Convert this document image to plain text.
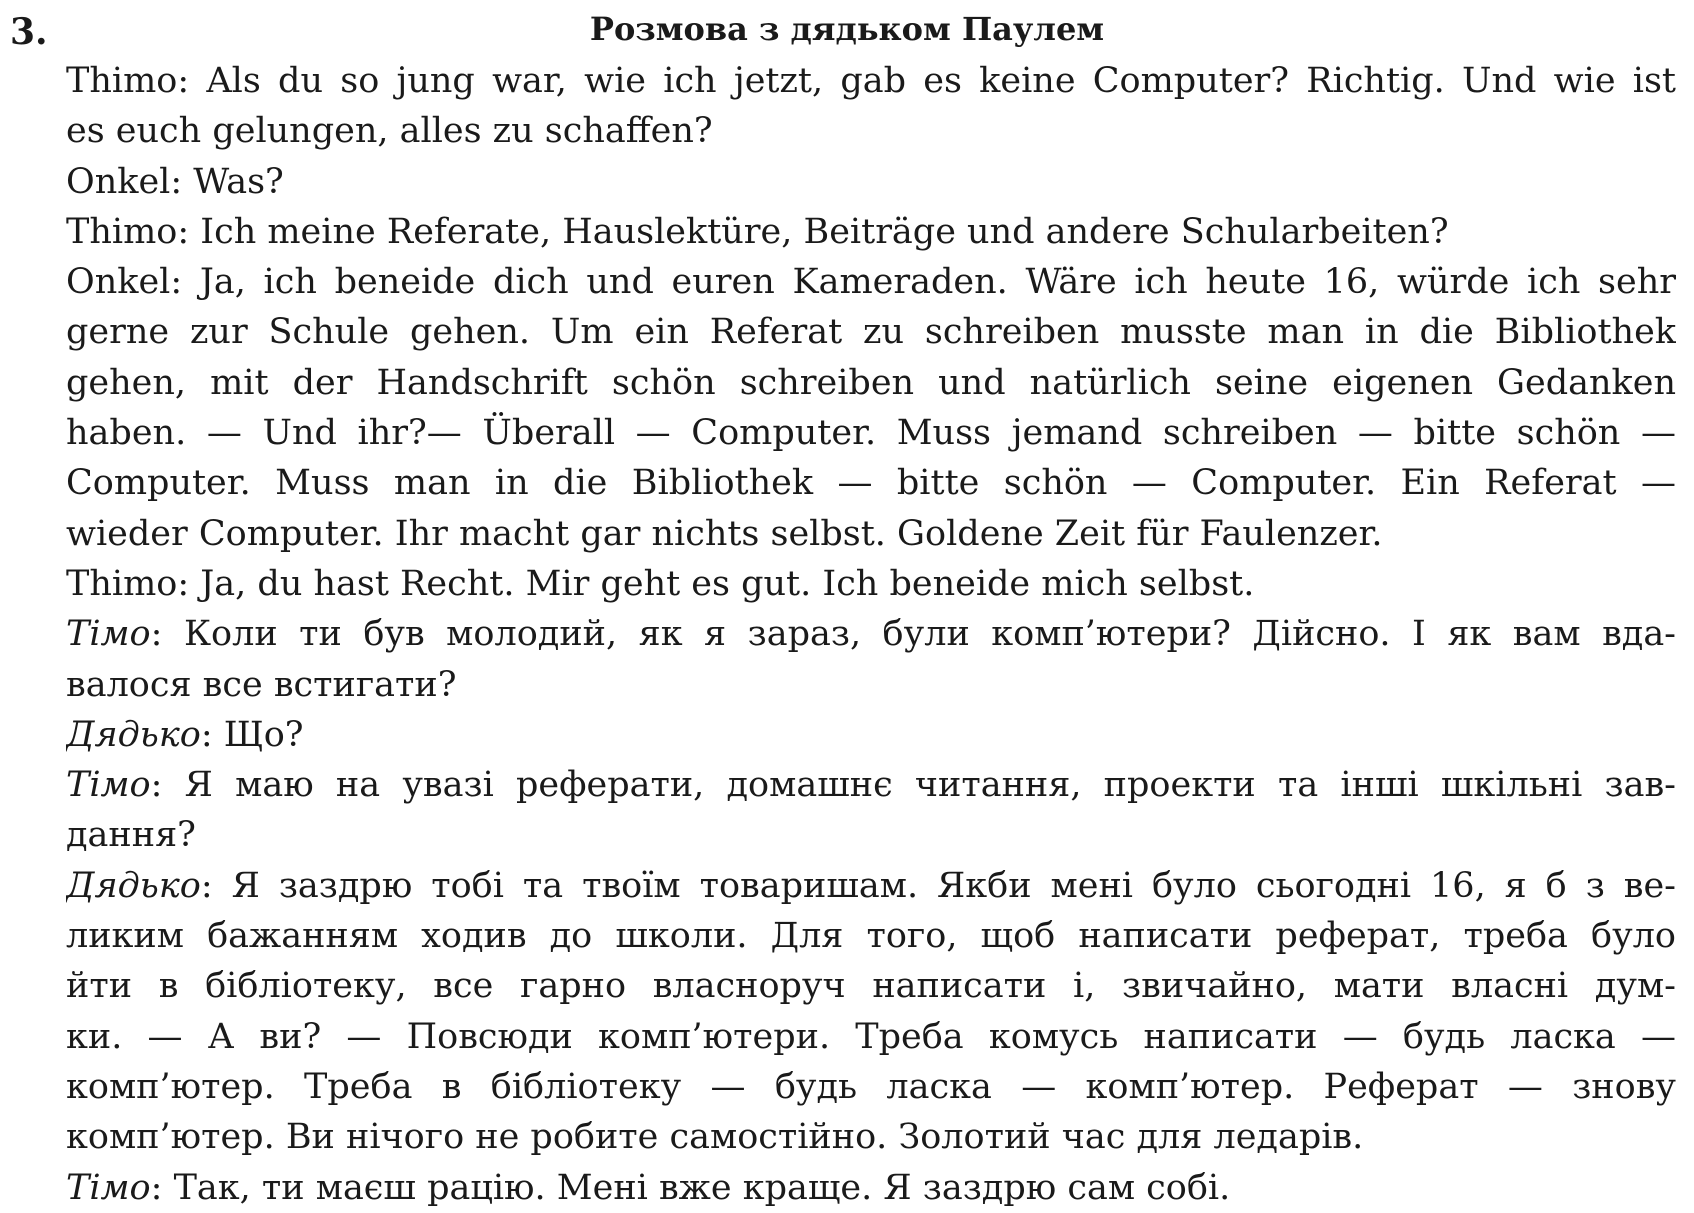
3.	Розмова з дядьком Паулем
Thimo: Als du so jung war, wie ich jetzt, gab es keine Computer? Richtig. Und wie ist
es euch gelungen, alles zu schaffen?
Onkel: Was?
Thimo: Ich meine Referate, Hauslektüre, Beiträge und andere Schularbeiten?
Onkel: Ja, ich beneide dich und euren Kameraden. Wäre ich heute 16, würde ich sehr
gerne zur Schule gehen. Um ein Referat zu schreiben musste man in die Bibliothek
gehen, mit der Handschrift schön schreiben und natürlich seine eigenen Gedanken
haben. — Und ihr?— Überall — Computer. Muss jemand schreiben — bitte schön —
Computer. Muss man in die Bibliothek — bitte schön — Computer. Ein Referat —
wieder Computer. Ihr macht gar nichts selbst. Goldene Zeit für Faulenzer.
Thimo: Ja, du hast Recht. Mir geht es gut. Ich beneide mich selbst.
Тімо: Коли ти був молодий, як я зараз, були комп’ютери? Дійсно. І як вам вда-
валося все встигати?
Дядько: Що?
Тімо: Я маю на увазі реферати, домашнє читання, проекти та інші шкільні зав-
дання?
Дядько: Я заздрю тобі та твоїм товаришам. Якби мені було сьогодні 16, я б з ве-
ликим бажанням ходив до школи. Для того, щоб написати реферат, треба було
йти в бібліотеку, все гарно власноруч написати і, звичайно, мати власні дум-
ки. — А ви? — Повсюди комп’ютери. Треба комусь написати — будь ласка —
комп’ютер. Треба в бібліотеку — будь ласка — комп’ютер. Реферат — знову
комп’ютер. Ви нічого не робите самостійно. Золотий час для ледарів.
Тімо: Так, ти маєш рацію. Мені вже краще. Я заздрю сам собі.
